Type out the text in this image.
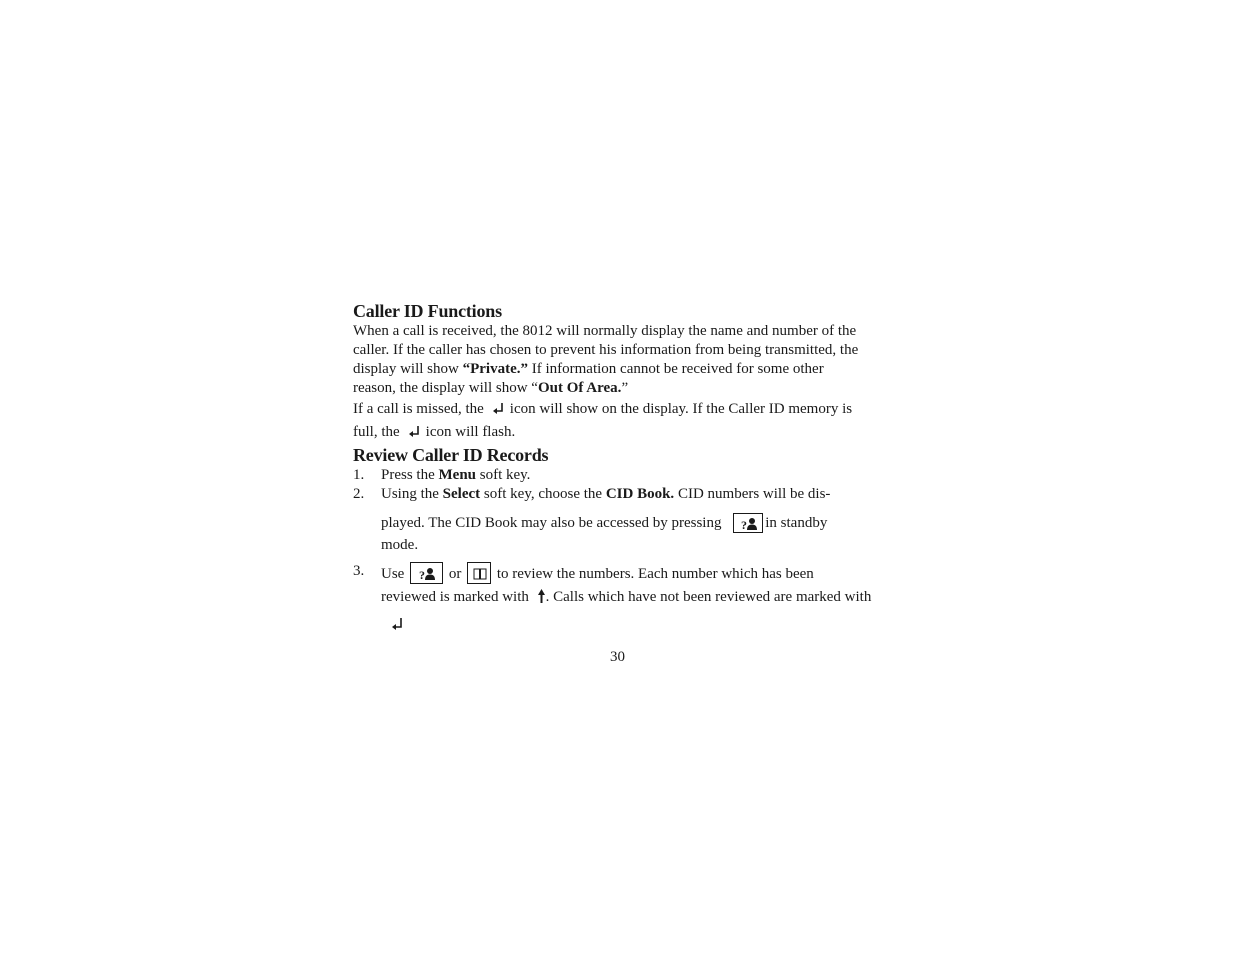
Caller ID Functions

When a call is received, the 8012 will normally display the name and number of the
caller. If the caller has chosen to prevent his information from being transmitted, the
display will show “Private.” If information cannot be received for some other
reason, the display will show “Out Of Area.”

If a call is missed, the icon will show on the display. If the Caller ID memory is
full, the icon will flash.

Review Caller ID Records
1. Press the Menu soft key.
2. Using the Select soft key, choose the CID Book. CID numbers will be dis-
played. The CID Book may also be accessed by pressing ? in standby
mode.
3. Use ? or to review the numbers. Each number which has been
reviewed is marked with . Calls which have not been reviewed are marked with

30
